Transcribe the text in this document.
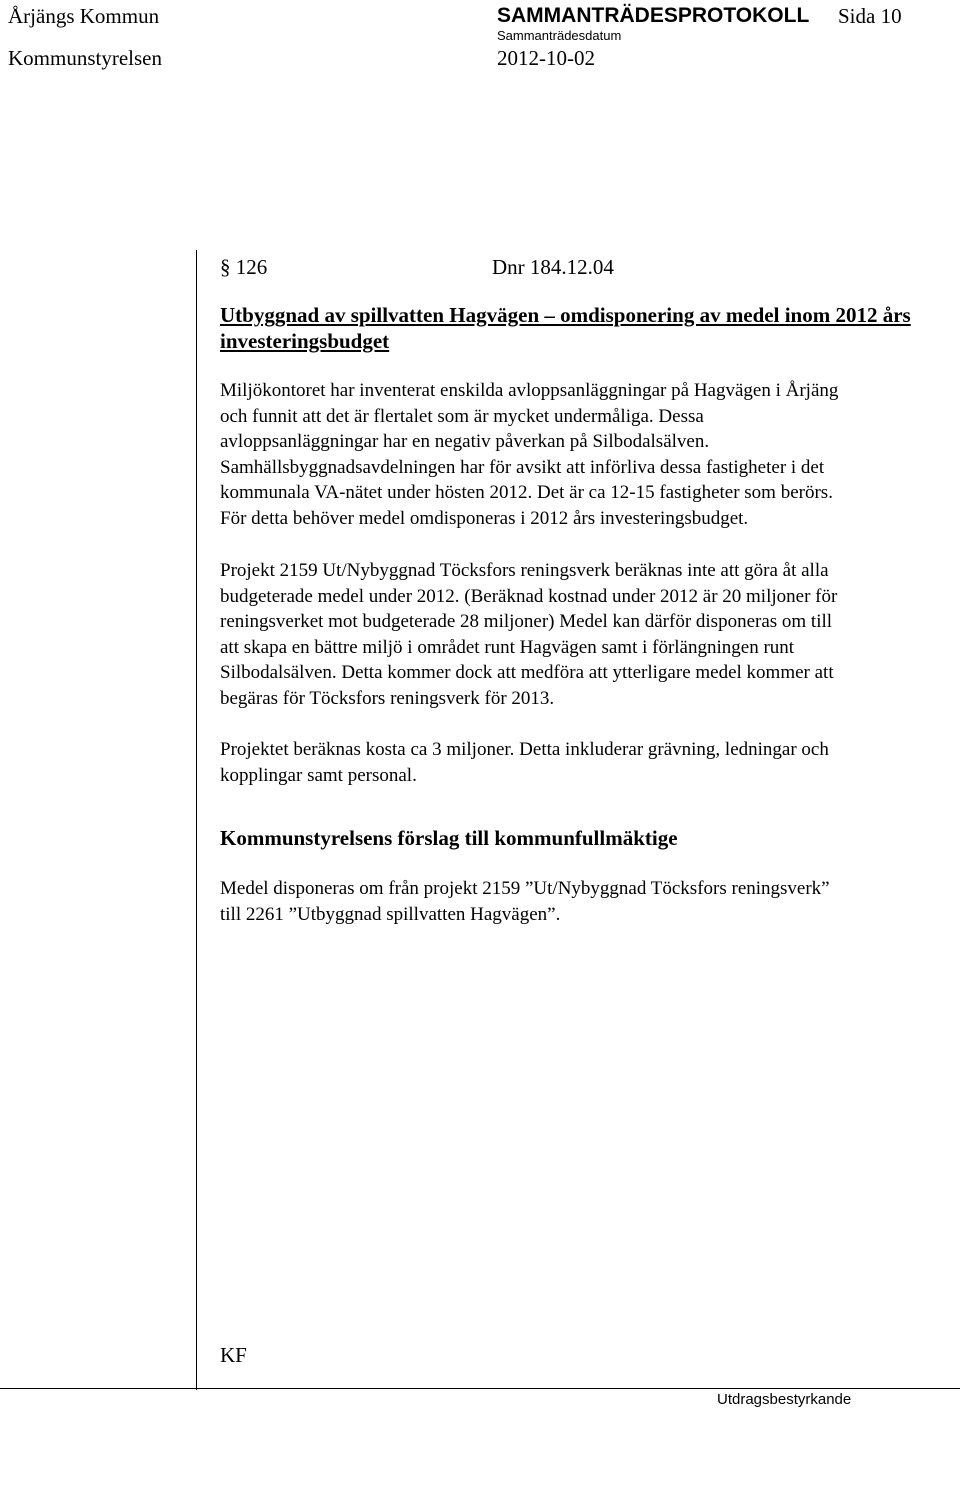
Årjängs Kommun	SAMMANTRÄDESPROTOKOLL Sida 10
Kommunstyrelsen
Sammanträdesdatum
2012-10-02
§ 126	Dnr 184.12.04
Utbyggnad av spillvatten Hagvägen – omdisponering av medel inom 2012 års
investeringsbudget
Miljökontoret har inventerat enskilda avloppsanläggningar på Hagvägen i Årjäng
och funnit att det är flertalet som är mycket undermåliga. Dessa
avloppsanläggningar har en negativ påverkan på Silbodalsälven.
Samhällsbyggnadsavdelningen har för avsikt att införliva dessa fastigheter i det
kommunala VA-nätet under hösten 2012. Det är ca 12-15 fastigheter som berörs.
För detta behöver medel omdisponeras i 2012 års investeringsbudget.
Projekt 2159 Ut/Nybyggnad Töcksfors reningsverk beräknas inte att göra åt alla
budgeterade medel under 2012. (Beräknad kostnad under 2012 är 20 miljoner för
reningsverket mot budgeterade 28 miljoner) Medel kan därför disponeras om till
att skapa en bättre miljö i området runt Hagvägen samt i förlängningen runt
Silbodalsälven. Detta kommer dock att medföra att ytterligare medel kommer att
begäras för Töcksfors reningsverk för 2013.
Projektet beräknas kosta ca 3 miljoner. Detta inkluderar grävning, ledningar och
kopplingar samt personal.
Kommunstyrelsens förslag till kommunfullmäktige
Medel disponeras om från projekt 2159 ”Ut/Nybyggnad Töcksfors reningsverk”
till 2261 ”Utbyggnad spillvatten Hagvägen”.
KF
Utdragsbestyrkande
